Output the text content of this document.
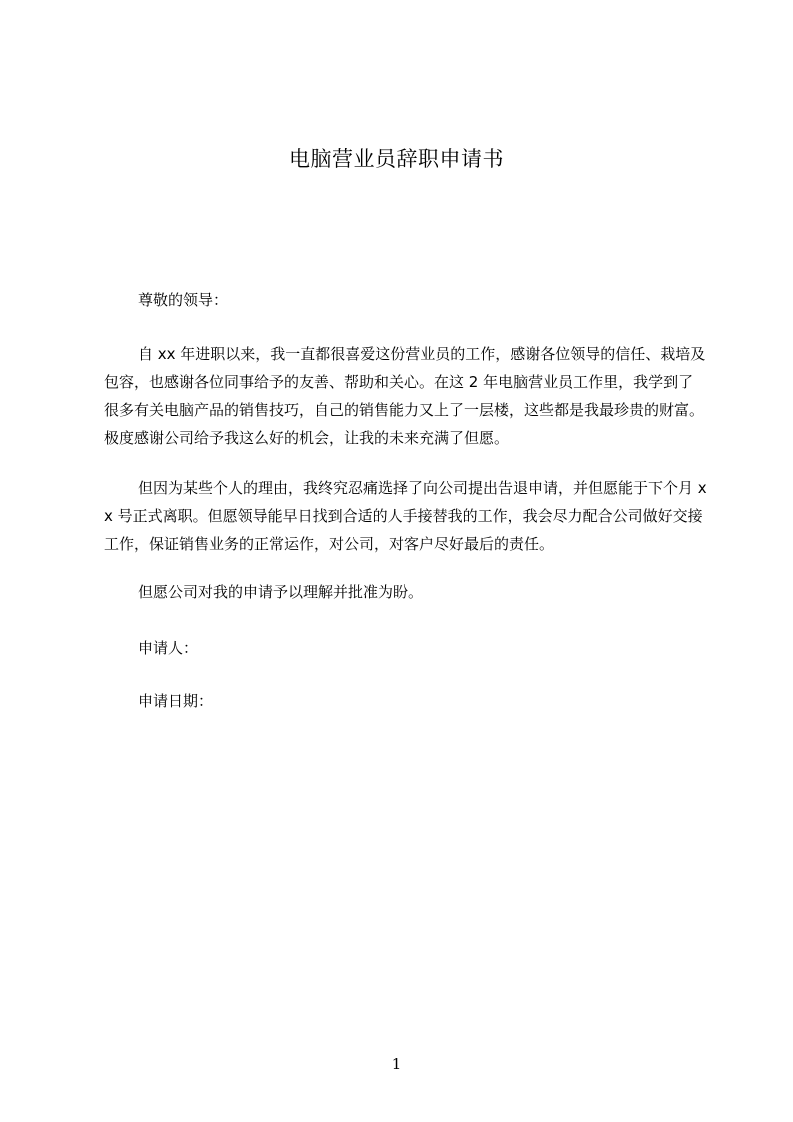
电脑营业员辞职申请书
尊敬的领导：
自 xx 年进职以来，我一直都很喜爱这份营业员的工作，感谢各位领导的信任、栽培及包容，也感谢各位同事给予的友善、帮助和关心。在这 2 年电脑营业员工作里，我学到了很多有关电脑产品的销售技巧，自己的销售能力又上了一层楼，这些都是我最珍贵的财富。极度感谢公司给予我这么好的机会，让我的未来充满了但愿。
但因为某些个人的理由，我终究忍痛选择了向公司提出告退申请，并但愿能于下个月 xx 号正式离职。但愿领导能早日找到合适的人手接替我的工作，我会尽力配合公司做好交接工作，保证销售业务的正常运作，对公司，对客户尽好最后的责任。
但愿公司对我的申请予以理解并批准为盼。
申请人：
申请日期：
1
